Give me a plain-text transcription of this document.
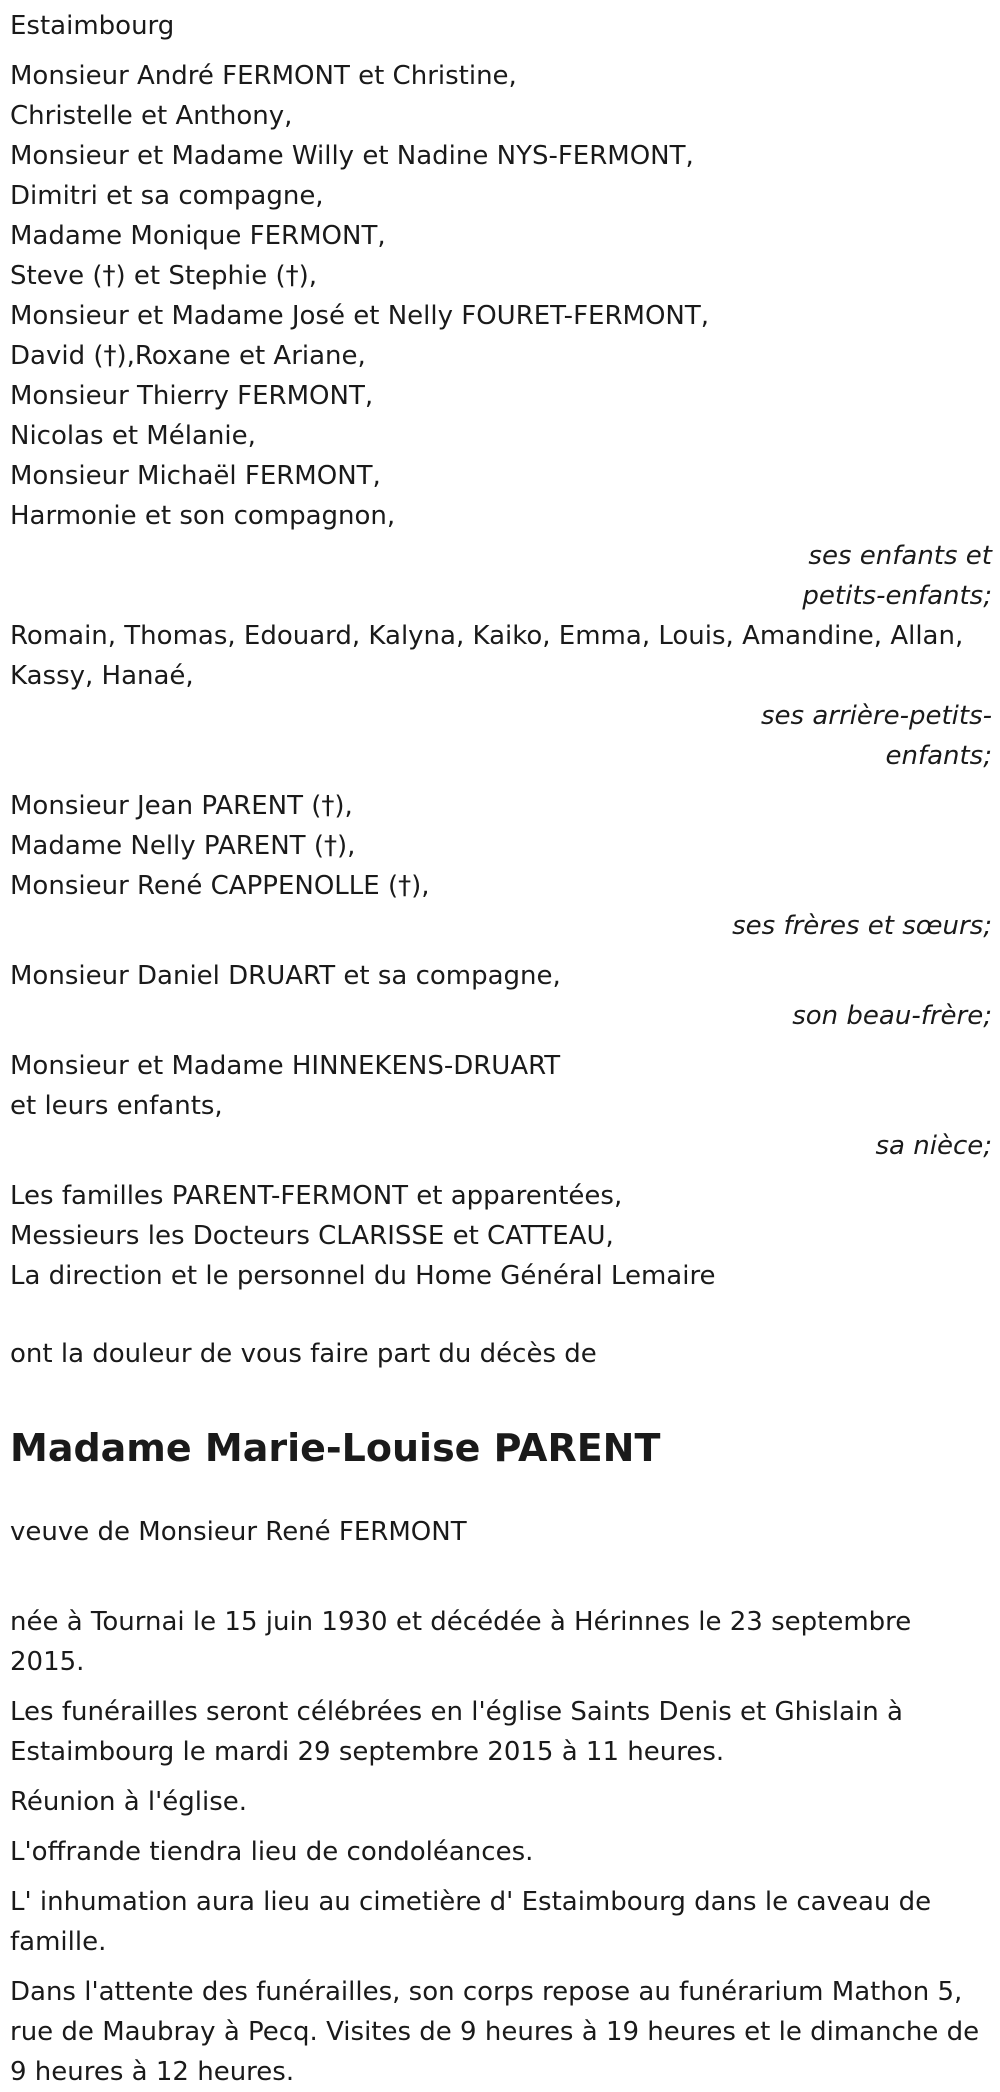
Estaimbourg
Monsieur André FERMONT et Christine,
Christelle et Anthony,
Monsieur et Madame Willy et Nadine NYS-FERMONT,
Dimitri et sa compagne,
Madame Monique FERMONT,
Steve (†) et Stephie (†),
Monsieur et Madame José et Nelly FOURET-FERMONT,
David (†),Roxane et Ariane,
Monsieur Thierry FERMONT,
Nicolas et Mélanie,
Monsieur Michaël FERMONT,
Harmonie et son compagnon,
ses enfants et
petits-enfants;
Romain, Thomas, Edouard, Kalyna, Kaiko, Emma, Louis, Amandine, Allan,
Kassy, Hanaé,
ses arrière-petits-
enfants;
Monsieur Jean PARENT (†),
Madame Nelly PARENT (†),
Monsieur René CAPPENOLLE (†),
ses frères et sœurs;
Monsieur Daniel DRUART et sa compagne,
son beau-frère;
Monsieur et Madame HINNEKENS-DRUART
et leurs enfants,
sa nièce;
Les familles PARENT-FERMONT et apparentées,
Messieurs les Docteurs CLARISSE et CATTEAU,
La direction et le personnel du Home Général Lemaire
ont la douleur de vous faire part du décès de
Madame Marie-Louise PARENT
veuve de Monsieur René FERMONT
née à Tournai le 15 juin 1930 et décédée à Hérinnes le 23 septembre 2015.
Les funérailles seront célébrées en l'église Saints Denis et Ghislain à Estaimbourg le mardi 29 septembre 2015 à 11 heures.
Réunion à l'église.
L'offrande tiendra lieu de condoléances.
L' inhumation aura lieu au cimetière d' Estaimbourg dans le caveau de famille.
Dans l'attente des funérailles, son corps repose au funérarium Mathon 5, rue de Maubray à Pecq. Visites de 9 heures à 19 heures et le dimanche de 9 heures à 12 heures.
